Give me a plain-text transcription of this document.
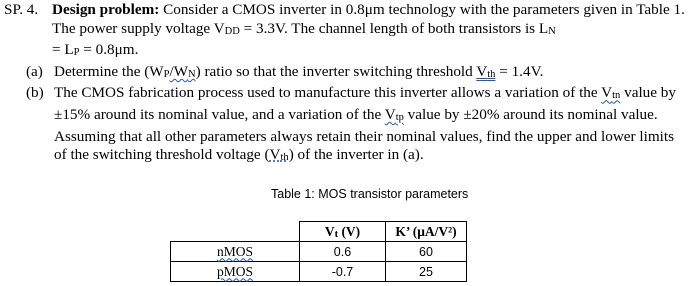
SP. 4. Design problem: Consider a CMOS inverter in 0.8μm technology with the parameters given in Table 1. The power supply voltage VDD = 3.3V. The channel length of both transistors is LN
= LP = 0.8μm.
(a) Determine the (WP/WN) ratio so that the inverter switching threshold Vth = 1.4V.
(b) The CMOS fabrication process used to manufacture this inverter allows a variation of the Vtn value by ±15% around its nominal value, and a variation of the Vtp value by ±20% around its nominal value. Assuming that all other parameters always retain their nominal values, find the upper and lower limits of the switching threshold voltage (Vth) of the inverter in (a).
Table 1: MOS transistor parameters
	Vt (V)	K’ (μA/V²)
nMOS	0.6	60
pMOS	-0.7	25
